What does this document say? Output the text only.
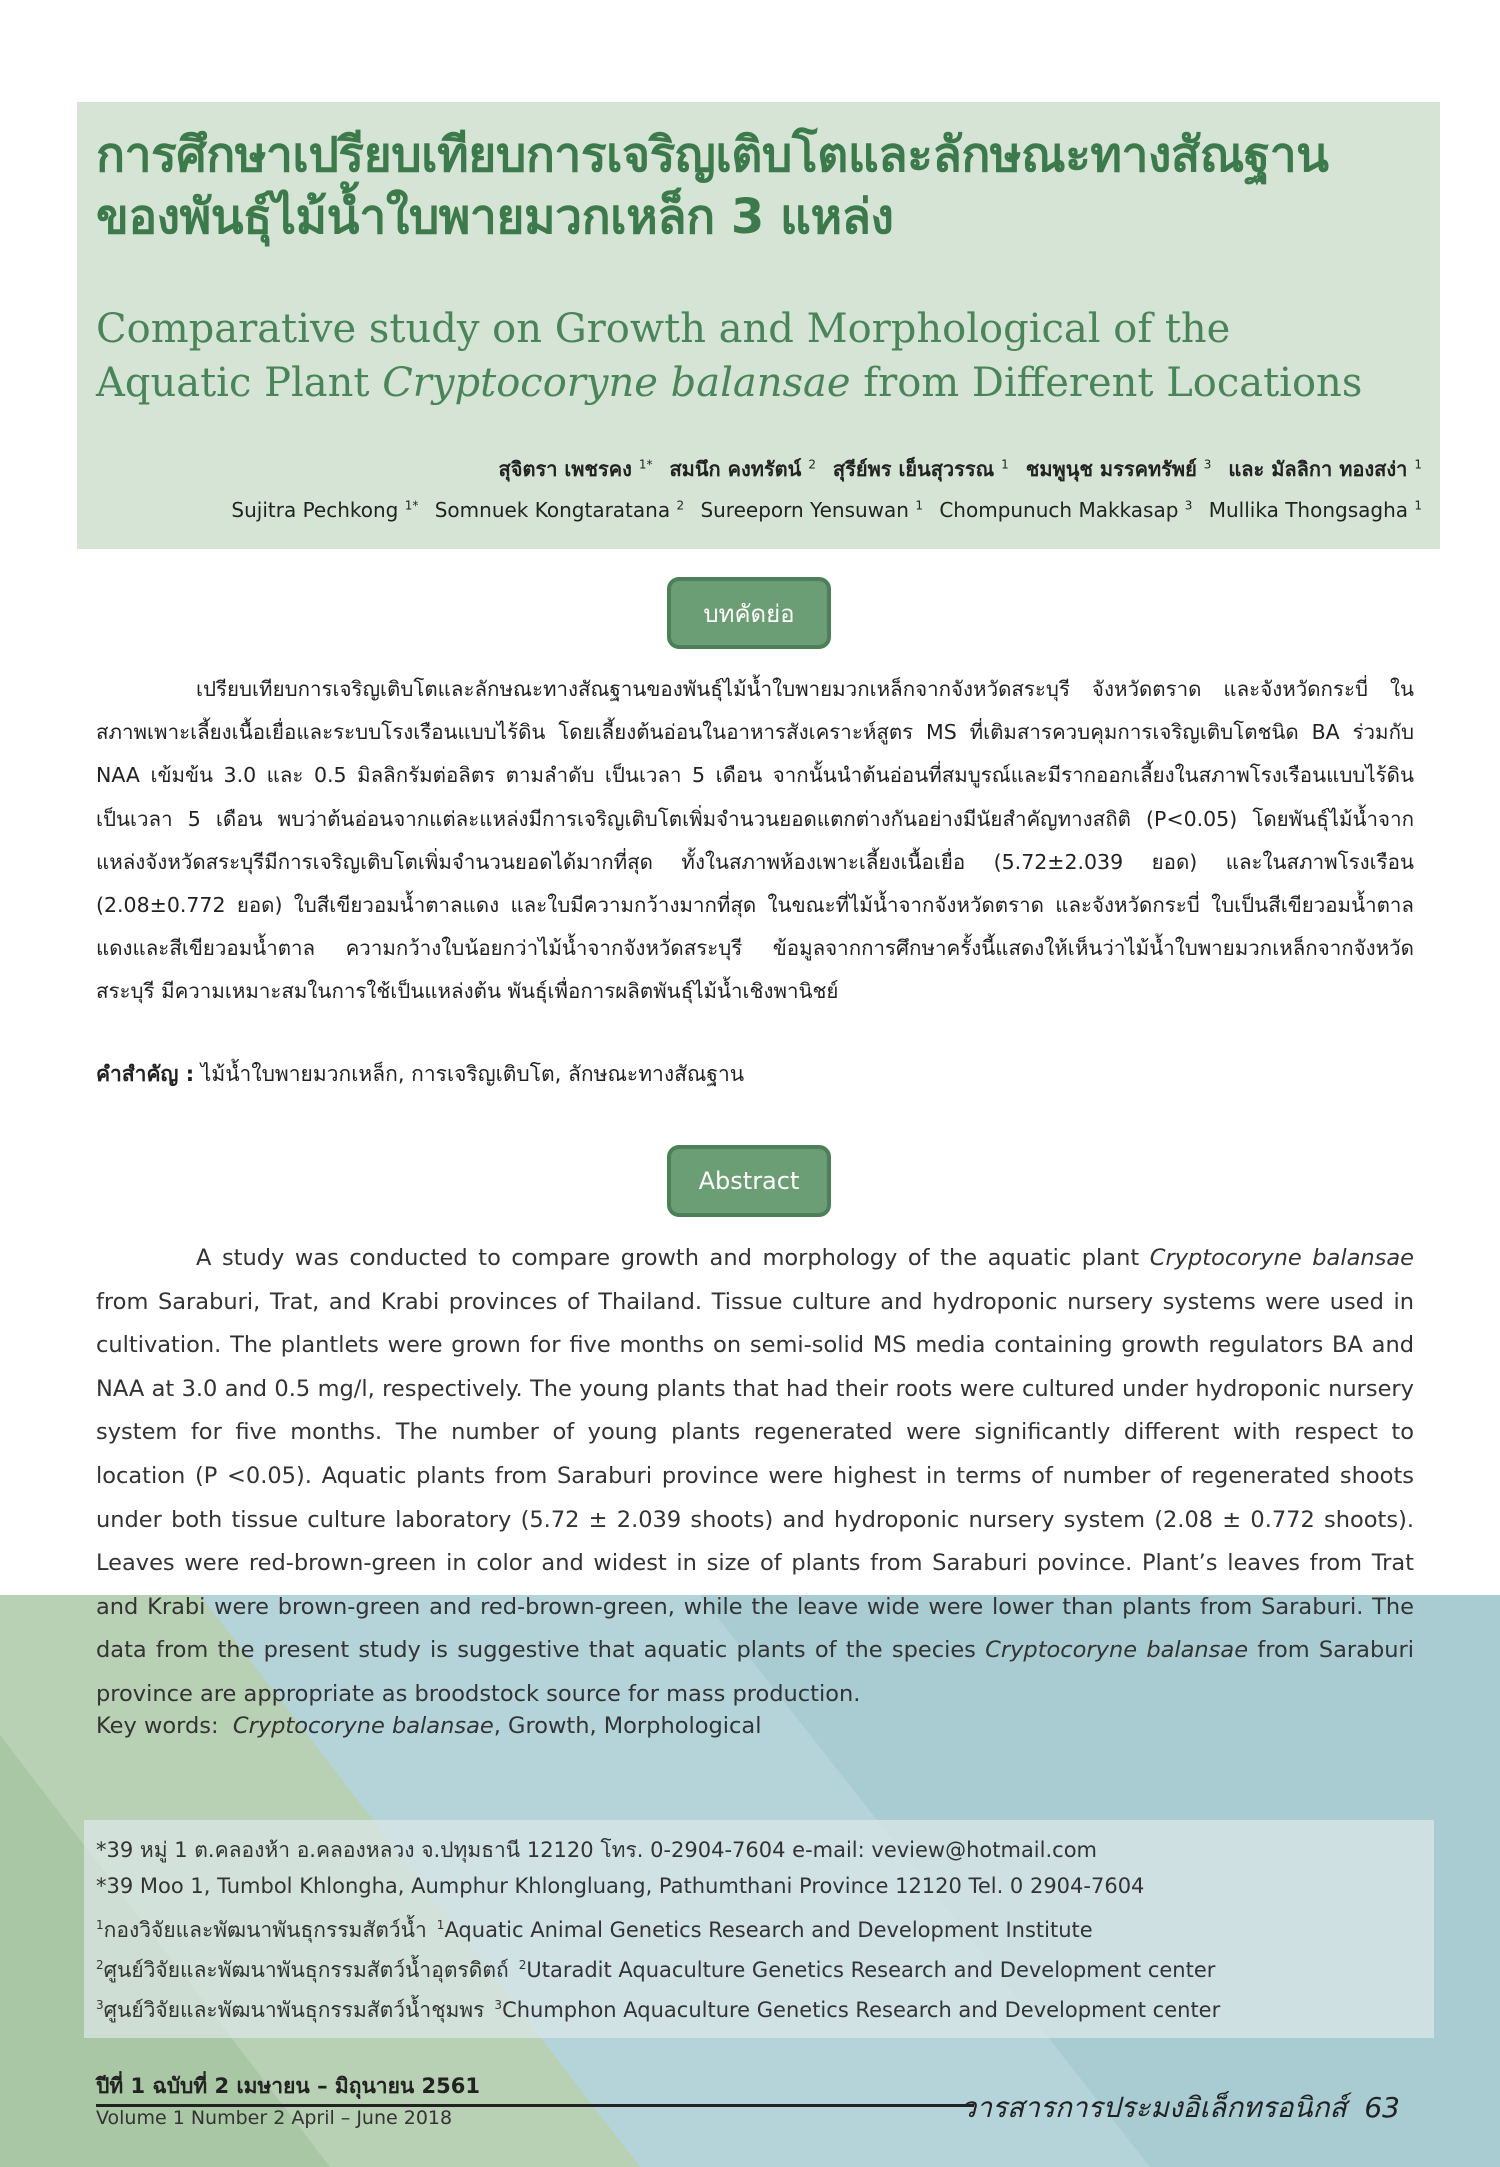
การศึกษาเปรียบเทียบการเจริญเติบโตและลักษณะทางสัณฐาน
ของพันธุ์ไม้น้ำใบพายมวกเหล็ก 3 แหล่ง
Comparative study on Growth and Morphological of the
Aquatic Plant Cryptocoryne balansae from Different Locations
สุจิตรา เพชรคง $^{1*}$ สมนึก คงทรัตน์ $^2$ สุรีย์พร เย็นสุวรรณ $^1$ ชมพูนุช มรรคทรัพย์ $^3$ และ มัลลิกา ทองสง่า $^1$
Sujitra Pechkong $^{1*}$ Somnuek Kongtaratana $^2$ Sureeporn Yensuwan $^1$ Chompunuch Makkasap $^3$ Mullika Thongsagha $^1$
บทคัดย่อ
เปรียบเทียบการเจริญเติบโตและลักษณะทางสัณฐานของพันธุ์ไม้น้ำใบพายมวกเหล็กจากจังหวัดสระบุรี จังหวัดตราด และจังหวัดกระบี่ ในสภาพเพาะเลี้ยงเนื้อเยื่อและระบบโรงเรือนแบบไร้ดิน โดยเลี้ยงต้นอ่อนในอาหารสังเคราะห์สูตร MS ที่เติมสารควบคุมการเจริญเติบโตชนิด BA ร่วมกับ NAA เข้มข้น 3.0 และ 0.5 มิลลิกรัมต่อลิตร ตามลำดับ เป็นเวลา 5 เดือน จากนั้นนำต้นอ่อนที่สมบูรณ์และมีรากออกเลี้ยงในสภาพโรงเรือนแบบไร้ดิน เป็นเวลา 5 เดือน พบว่าต้นอ่อนจากแต่ละแหล่งมีการเจริญเติบโตเพิ่มจำนวนยอดแตกต่างกันอย่างมีนัยสำคัญทางสถิติ (P<0.05) โดยพันธุ์ไม้น้ำจากแหล่งจังหวัดสระบุรีมีการเจริญเติบโตเพิ่มจำนวนยอดได้มากที่สุด ทั้งในสภาพห้องเพาะเลี้ยงเนื้อเยื่อ (5.72±2.039 ยอด) และในสภาพโรงเรือน (2.08±0.772 ยอด) ใบสีเขียวอมน้ำตาลแดง และใบมีความกว้างมากที่สุด ในขณะที่ไม้น้ำจากจังหวัดตราด และจังหวัดกระบี่ ใบเป็นสีเขียวอมน้ำตาลแดงและสีเขียวอมน้ำตาล ความกว้างใบน้อยกว่าไม้น้ำจากจังหวัดสระบุรี ข้อมูลจากการศึกษาครั้งนี้แสดงให้เห็นว่าไม้น้ำใบพายมวกเหล็กจากจังหวัดสระบุรี มีความเหมาะสมในการใช้เป็นแหล่งต้น พันธุ์เพื่อการผลิตพันธุ์ไม้น้ำเชิงพานิชย์
คำสำคัญ : ไม้น้ำใบพายมวกเหล็ก, การเจริญเติบโต, ลักษณะทางสัณฐาน
Abstract
A study was conducted to compare growth and morphology of the aquatic plant Cryptocoryne balansae from Saraburi, Trat, and Krabi provinces of Thailand. Tissue culture and hydroponic nursery systems were used in cultivation. The plantlets were grown for five months on semi-solid MS media containing growth regulators BA and NAA at 3.0 and 0.5 mg/l, respectively. The young plants that had their roots were cultured under hydroponic nursery system for five months. The number of young plants regenerated were significantly different with respect to location (P <0.05). Aquatic plants from Saraburi province were highest in terms of number of regenerated shoots under both tissue culture laboratory (5.72 ± 2.039 shoots) and hydroponic nursery system (2.08 ± 0.772 shoots). Leaves were red-brown-green in color and widest in size of plants from Saraburi povince. Plant’s leaves from Trat and Krabi were brown-green and red-brown-green, while the leave wide were lower than plants from Saraburi. The data from the present study is suggestive that aquatic plants of the species Cryptocoryne balansae from Saraburi province are appropriate as broodstock source for mass production.
Key words: Cryptocoryne balansae, Growth, Morphological
*39 หมู่ 1 ต.คลองห้า อ.คลองหลวง จ.ปทุมธานี 12120 โทร. 0-2904-7604 e-mail: veview@hotmail.com
*39 Moo 1, Tumbol Khlongha, Aumphur Khlongluang, Pathumthani Province 12120 Tel. 0 2904-7604
$^1$กองวิจัยและพัฒนาพันธุกรรมสัตว์น้ำ $^1$Aquatic Animal Genetics Research and Development Institute
$^2$ศูนย์วิจัยและพัฒนาพันธุกรรมสัตว์น้ำอุตรดิตถ์ $^2$Utaradit Aquaculture Genetics Research and Development center
$^3$ศูนย์วิจัยและพัฒนาพันธุกรรมสัตว์น้ำชุมพร $^3$Chumphon Aquaculture Genetics Research and Development center
ปีที่ 1 ฉบับที่ 2 เมษายน – มิถุนายน 2561
Volume 1 Number 2 April – June 2018	วารสารการประมงอิเล็กทรอนิกส์ 63
